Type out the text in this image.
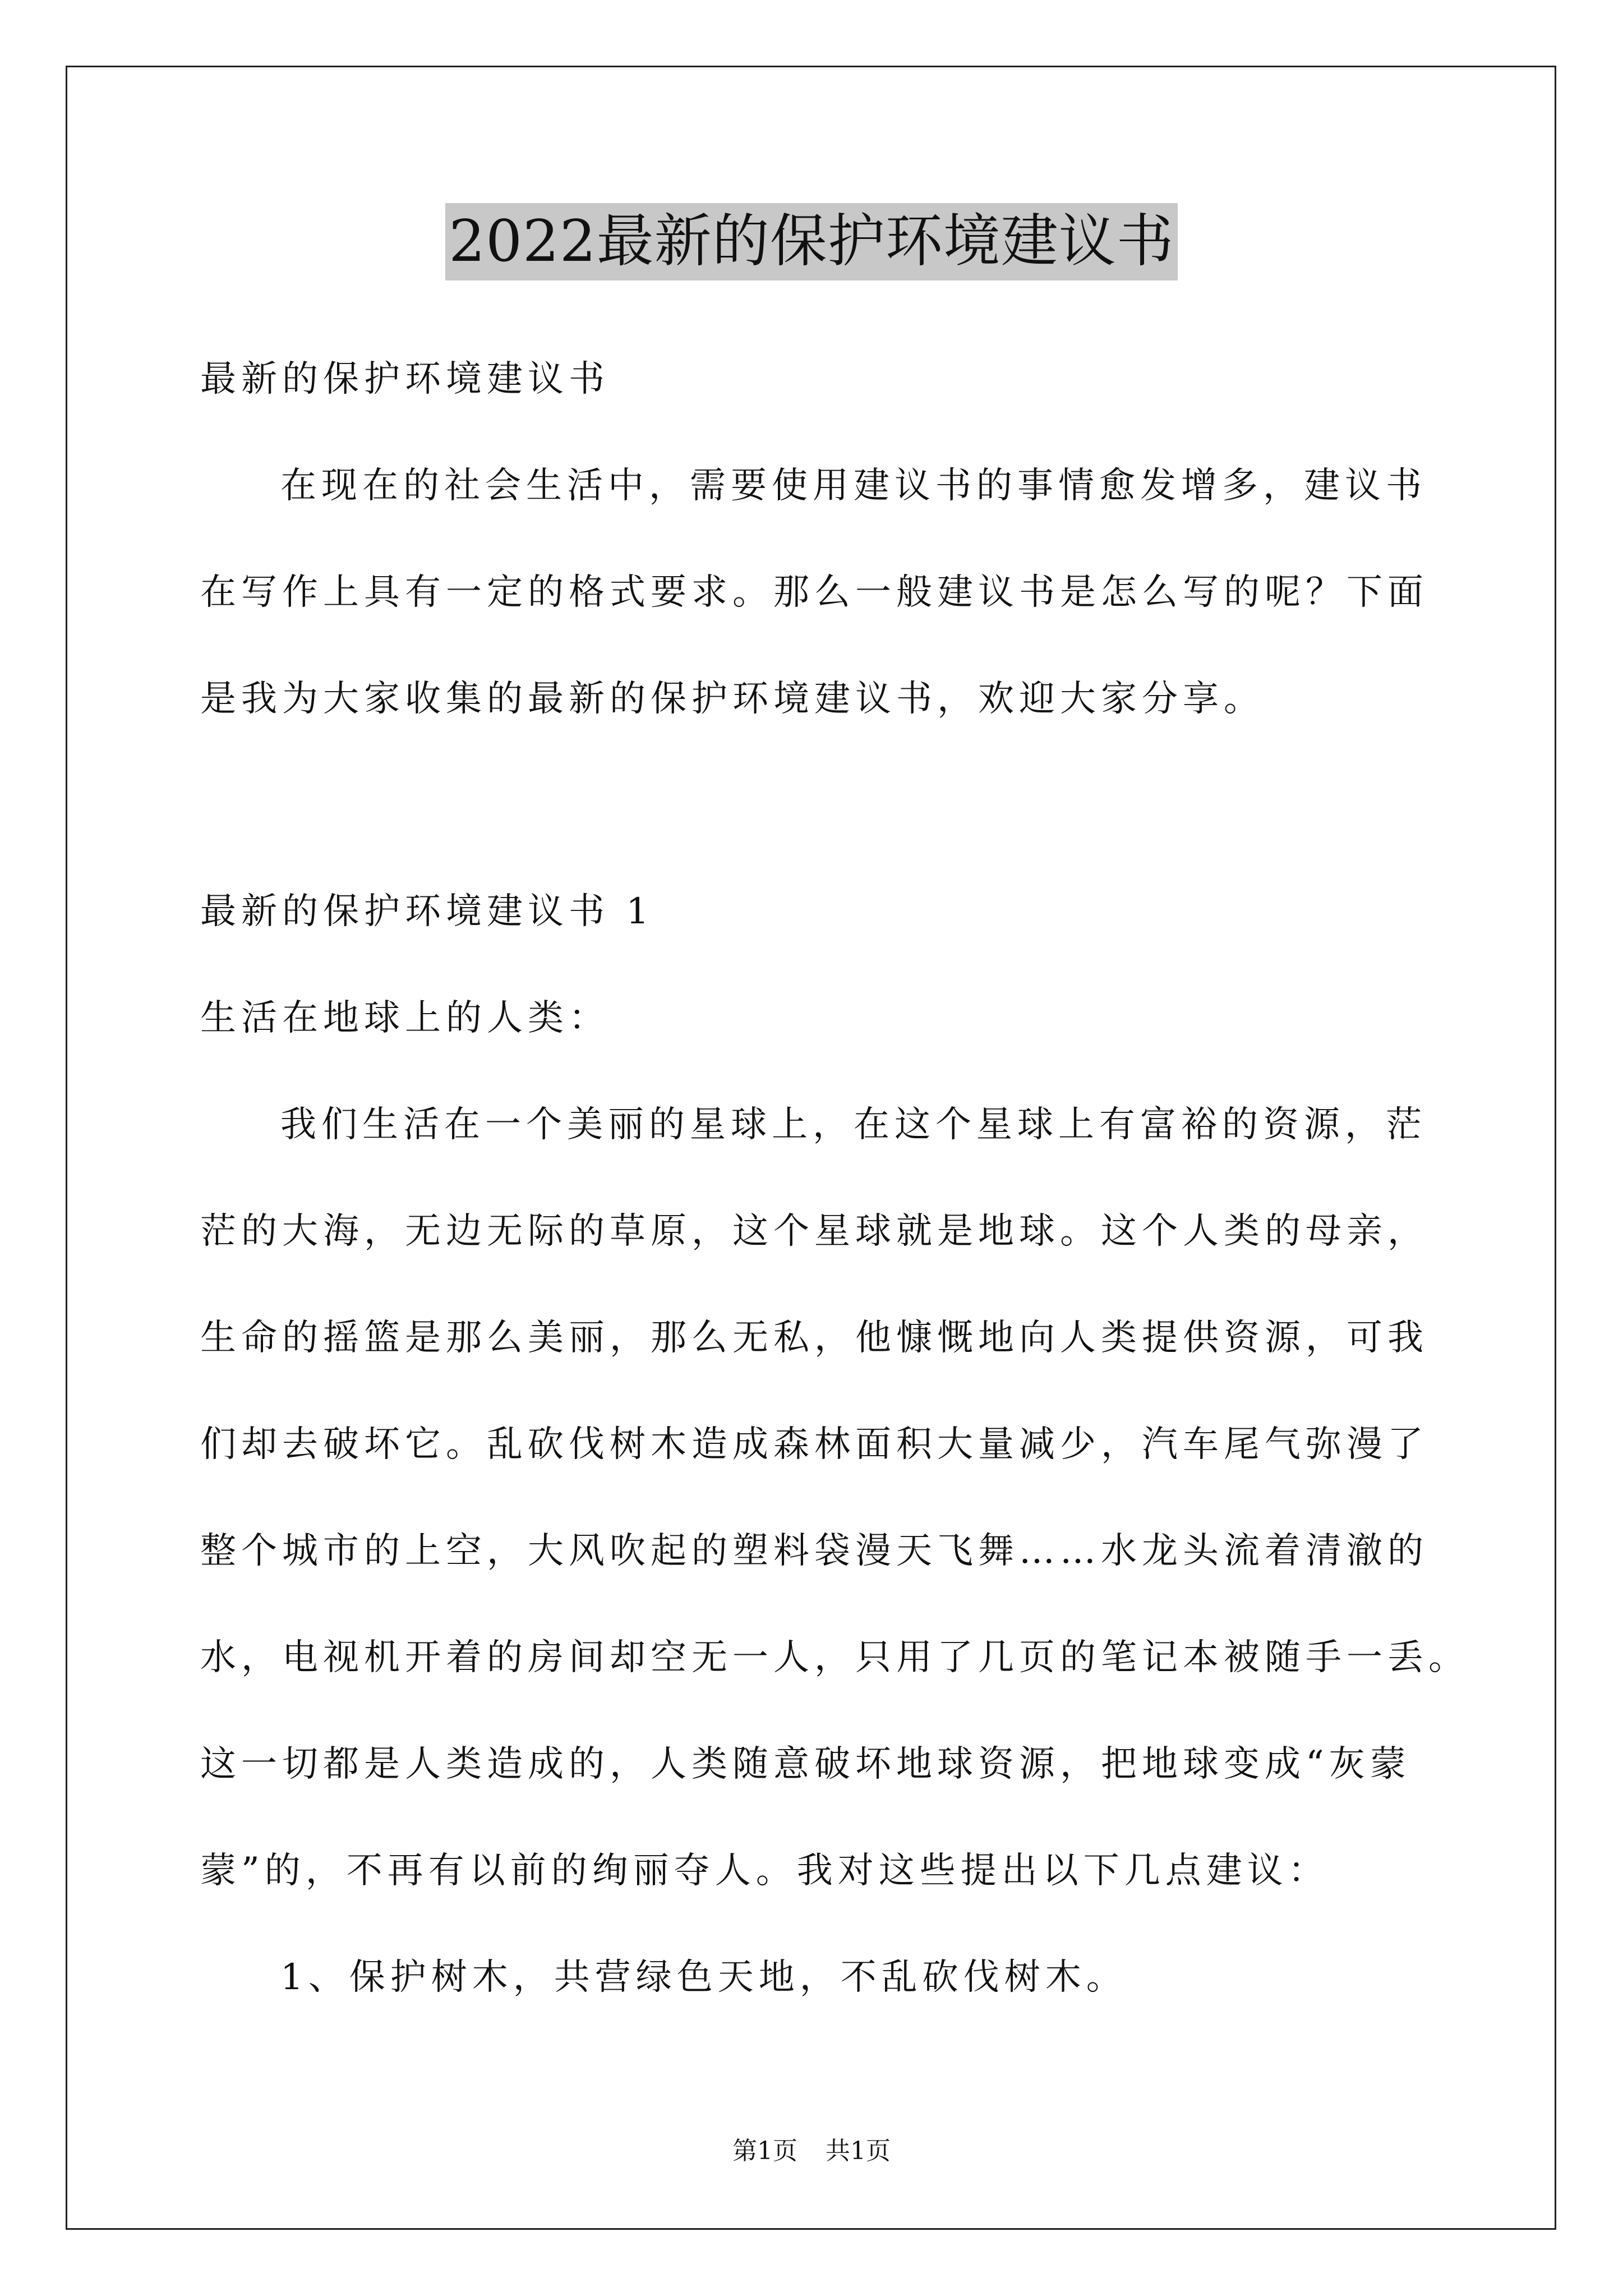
2022最新的保护环境建议书
最新的保护环境建议书
在现在的社会生活中，需要使用建议书的事情愈发增多，建议书
在写作上具有一定的格式要求。那么一般建议书是怎么写的呢？下面
是我为大家收集的最新的保护环境建议书，欢迎大家分享。
最新的保护环境建议书 1
生活在地球上的人类：
我们生活在一个美丽的星球上，在这个星球上有富裕的资源，茫
茫的大海，无边无际的草原，这个星球就是地球。这个人类的母亲，
生命的摇篮是那么美丽，那么无私，他慷慨地向人类提供资源，可我
们却去破坏它。乱砍伐树木造成森林面积大量减少，汽车尾气弥漫了
整个城市的上空，大风吹起的塑料袋漫天飞舞……水龙头流着清澈的
水，电视机开着的房间却空无一人，只用了几页的笔记本被随手一丢。
这一切都是人类造成的，人类随意破坏地球资源，把地球变成“灰蒙
蒙”的，不再有以前的绚丽夺人。我对这些提出以下几点建议：
1、保护树木，共营绿色天地，不乱砍伐树木。
第1页 共1页
